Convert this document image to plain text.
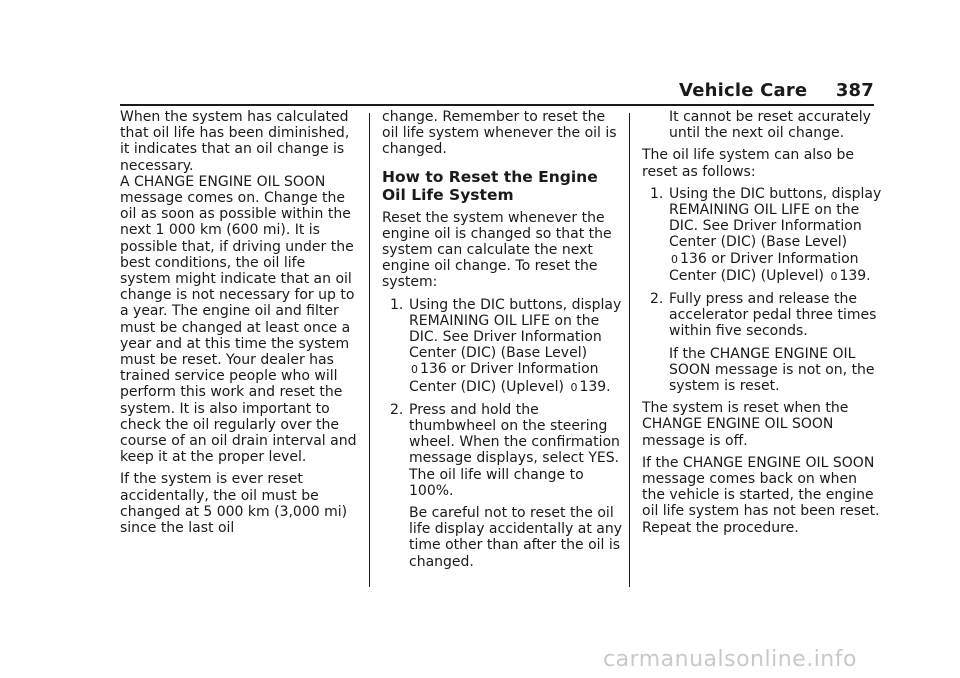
Vehicle Care 387

When the system has calculated that oil life has been diminished, it indicates that an oil change is necessary.

A CHANGE ENGINE OIL SOON message comes on. Change the oil as soon as possible within the next 1 000 km (600 mi). It is possible that, if driving under the best conditions, the oil life system might indicate that an oil change is not necessary for up to a year. The engine oil and filter must be changed at least once a year and at this time the system must be reset. Your dealer has trained service people who will perform this work and reset the system. It is also important to check the oil regularly over the course of an oil drain interval and keep it at the proper level.

If the system is ever reset accidentally, the oil must be changed at 5 000 km (3,000 mi) since the last oil

change. Remember to reset the oil life system whenever the oil is changed.

How to Reset the Engine Oil Life System

Reset the system whenever the engine oil is changed so that the system can calculate the next engine oil change. To reset the system:

1. Using the DIC buttons, display REMAINING OIL LIFE on the DIC. See Driver Information Center (DIC) (Base Level) 0 136 or Driver Information Center (DIC) (Uplevel) 0 139.
2. Press and hold the thumbwheel on the steering wheel. When the confirmation message displays, select YES. The oil life will change to 100%.
Be careful not to reset the oil life display accidentally at any time other than after the oil is changed.

It cannot be reset accurately until the next oil change.

The oil life system can also be reset as follows:

1. Using the DIC buttons, display REMAINING OIL LIFE on the DIC. See Driver Information Center (DIC) (Base Level) 0 136 or Driver Information Center (DIC) (Uplevel) 0 139.
2. Fully press and release the accelerator pedal three times within five seconds.
If the CHANGE ENGINE OIL SOON message is not on, the system is reset.

The system is reset when the CHANGE ENGINE OIL SOON message is off.

If the CHANGE ENGINE OIL SOON message comes back on when the vehicle is started, the engine oil life system has not been reset. Repeat the procedure.

carmanualsonline.info
